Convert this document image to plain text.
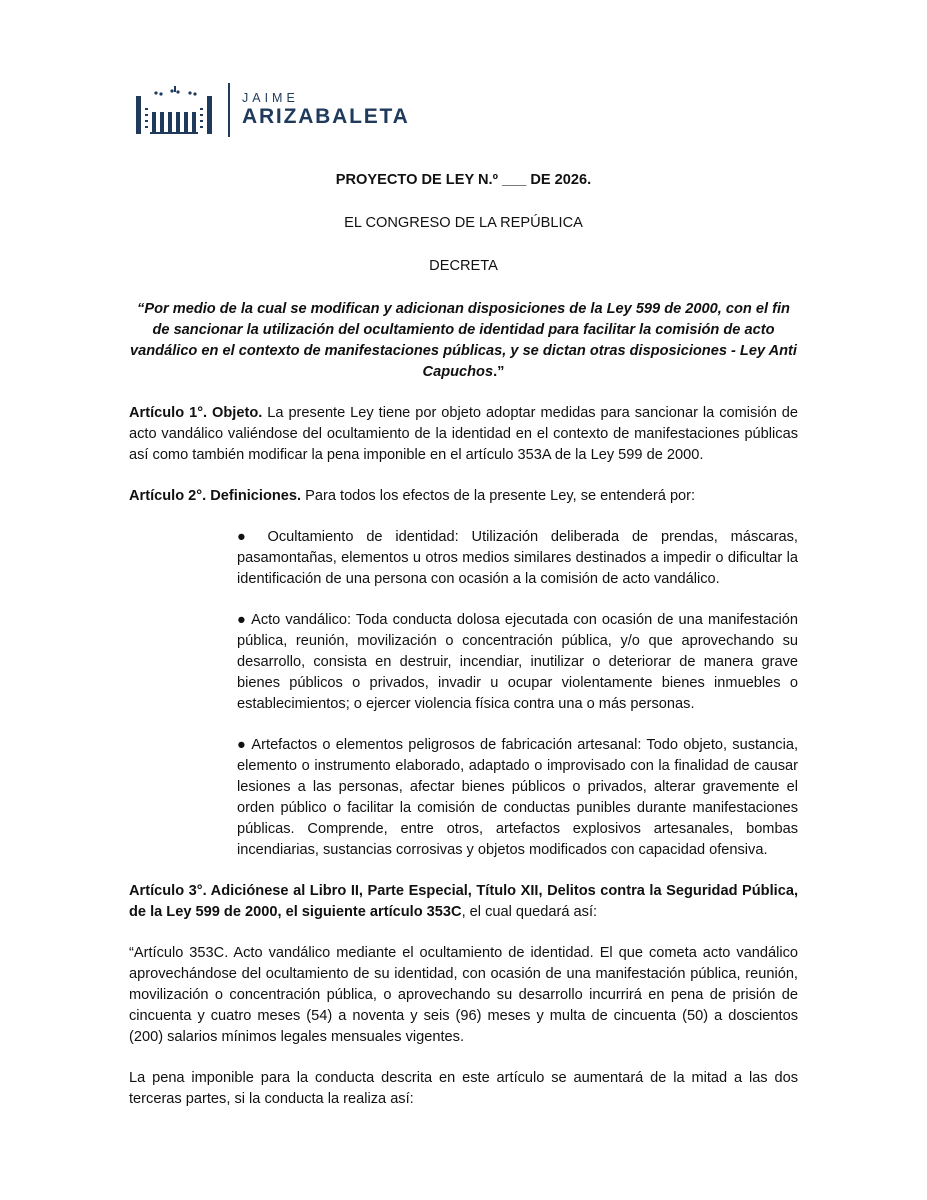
JAIME
ARIZABALETA

PROYECTO DE LEY N.º ___ DE 2026.

EL CONGRESO DE LA REPÚBLICA

DECRETA

“Por medio de la cual se modifican y adicionan disposiciones de la Ley 599 de 2000, con el fin de sancionar la utilización del ocultamiento de identidad para facilitar la comisión de acto vandálico en el contexto de manifestaciones públicas, y se dictan otras disposiciones - Ley Anti Capuchos.”

Artículo 1°. Objeto. La presente Ley tiene por objeto adoptar medidas para sancionar la comisión de acto vandálico valiéndose del ocultamiento de la identidad en el contexto de manifestaciones públicas así como también modificar la pena imponible en el artículo 353A de la Ley 599 de 2000.

Artículo 2°. Definiciones. Para todos los efectos de la presente Ley, se entenderá por:

● Ocultamiento de identidad: Utilización deliberada de prendas, máscaras, pasamontañas, elementos u otros medios similares destinados a impedir o dificultar la identificación de una persona con ocasión a la comisión de acto vandálico.

● Acto vandálico: Toda conducta dolosa ejecutada con ocasión de una manifestación pública, reunión, movilización o concentración pública, y/o que aprovechando su desarrollo, consista en destruir, incendiar, inutilizar o deteriorar de manera grave bienes públicos o privados, invadir u ocupar violentamente bienes inmuebles o establecimientos; o ejercer violencia física contra una o más personas.

● Artefactos o elementos peligrosos de fabricación artesanal: Todo objeto, sustancia, elemento o instrumento elaborado, adaptado o improvisado con la finalidad de causar lesiones a las personas, afectar bienes públicos o privados, alterar gravemente el orden público o facilitar la comisión de conductas punibles durante manifestaciones públicas. Comprende, entre otros, artefactos explosivos artesanales, bombas incendiarias, sustancias corrosivas y objetos modificados con capacidad ofensiva.

Artículo 3°. Adiciónese al Libro II, Parte Especial, Título XII, Delitos contra la Seguridad Pública, de la Ley 599 de 2000, el siguiente artículo 353C, el cual quedará así:

“Artículo 353C. Acto vandálico mediante el ocultamiento de identidad. El que cometa acto vandálico aprovechándose del ocultamiento de su identidad, con ocasión de una manifestación pública, reunión, movilización o concentración pública, o aprovechando su desarrollo incurrirá en pena de prisión de cincuenta y cuatro meses (54) a noventa y seis (96) meses y multa de cincuenta (50) a doscientos (200) salarios mínimos legales mensuales vigentes.

La pena imponible para la conducta descrita en este artículo se aumentará de la mitad a las dos terceras partes, si la conducta la realiza así:
